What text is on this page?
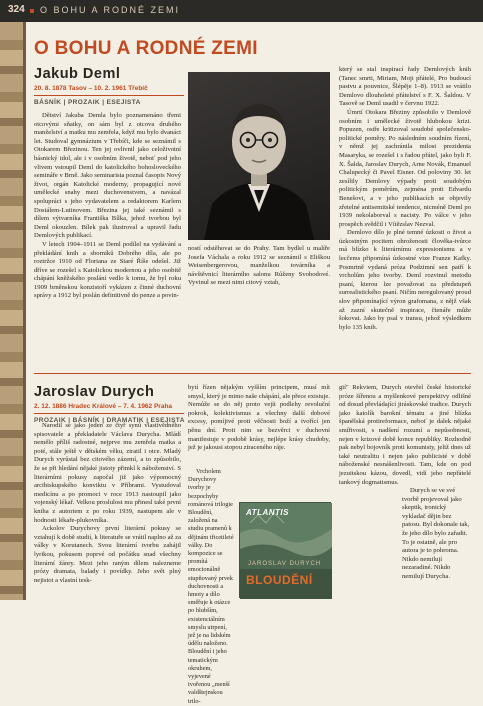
324 O BOHU A RODNÉ ZEMI
O BOHU A RODNÉ ZEMI
Jakub Deml
20. 8. 1878 Tasov – 10. 2. 1961 Třebíč
BÁSNÍK | PROZAIK | ESEJISTA

Dětství Jakuba Demla bylo poznamenáno třemi otcovými sňatky, on sám byl z otcova druhého manželství a matku mu zemřela, když mu bylo dvanáct let. Studoval gymnázium v Třebíči, kde se seznámil s Otokarem Březinou. Ten jej ovlivnil jako celoživotní básnický idol, ale i v osobním životě, neboť pod jeho vlivem vstoupil Deml do katolického bohosloveckého semináře v Brně. Jako seminarista poznal časopis Nový život, orgán Katolické moderny, propagující nové umělecké snahy mezi duchovenstvem, a navázal spolupráci s jeho vydavatelem a redaktorem Karlem Dostálem-Lutinovem. Březina jej také seznámil s dílem výtvarníka Františka Bílka, jehož tvorbou byl Deml okouzlen. Bílek pak ilustroval a upravil řadu Demlových publikací.

V letech 1904–1911 se Deml podílel na vydávání a překládání knih a sborníků Dobrého díla, ale po roztržce 1910 od Floriana ze Staré Říše odešel. Již dříve se rozešel s Katolickou modernou a jeho osobitě chápání kněžského poslání vedlo k tomu, že byl roku 1909 brněnskou konzistoří vykázen z činné duchovní správy a 1912 byl poslán definitivně do penze a povin-

ností odstěhovat se do Prahy. Tam bydlel u malíře Josefa Váchala a roku 1912 se seznámil s Eliškou Weisenbergerovou, manželkou továrníka a návštěvnicí literárního salonu Růženy Svobodové. Vyvinul se mezi nimi citový vztah,

který se stal inspirací řady Demlových knih (Tanec smrti, Miriam, Moji přátelé, Pro budoucí pastvu a pouvnice, Šlépěje 1–8). 1913 se vrátilo Demlovo dlouholeté přátelství s F. X. Šaldou. V Tasově se Deml usadil v červnu 1922.

Úmrtí Otokara Březiny způsobilo v Demlově osobním i umělecké životě hlubokou krizi. Popuzen, ostře kritizoval soudobé společensko-politické poměry. Po následném soudním řízení, v němž jej zachránila milost prezidenta Masaryka, se rozešel i s řadou přátel, jako byli F. X. Šalda, Jaroslav Durych, Arne Novák, Emanuel Chalupecký či Pavel Eisner. Od poloviny 30. let zesílily Demlovy výpady proti soudobým politickým poměrům, zejména proti Edvardu Benešovi, a v jeho publikacích se objevily zřetelné antisemitské tendence, nicméně Deml po 1939 nekolaborval s nacisty. Po válce v jeho prospěch svědčil i Vítězslav Nezval.

Demlovo dílo je plné temné úzkosti o život a úzkostným pocitem ohroženosti člověka-tvůrce má blízko k literárnímu expresionismu a v lecčems připomíná úzkostné vize Franze Kafky. Posmrtně vydaná próza Podzimní sen patří k vrcholům jeho tvorby. Deml rozvinul metodu psaní, kterou lze považovat za předstupeň surrealistického psaní. Ničím neregulovaný proud slov připomínající výron grafomana, z nějž však až zazní skutečně inspirace, čtenáře může šokovat. Jako by psal v transu, jehož výsledkem bylo 135 knih.

Jaroslav Durych
2. 12. 1886 Hradec Králové – 7. 4. 1962 Praha
PROZAIK | BÁSNÍK | DRAMATIK | ESEJISTA

Narodil se jako jeden ze čtyř synů vlastivědného spisovatele a překladatele Václava Durycha. Mládí nemělo příliš radostné, nejprve mu zemřela matka a poté, stále ještě v dětském věku, ztratil i otce. Mladý Durych vyrůstal bez citového zázemí, a to způsobilo, že se při hledání nějaké jistoty přimkl k náboženství. S literárními pokusy započal již jako výpomocný arcibiskupského konviktu v Příbrami. Vystudoval medicínu a po promoci v roce 1913 nastoupil jako vojenský lékař. Velkou proslulost mu přinesl také první kniha z autoriem z po roku 1939, nastupem ale v hodnosti lékaře-plukovníka.

Ackolov Durychovy první literární pokusy se vztahují k době studií, k literatuře se vrátil naplno až za války v Korutanech. Svou literární tvorbu zahájil lyrikou, pokusem poprvé od počátku snad všechny literární žánry. Mezi jeho raným dílem nalezneme prózy dramata, balady i povídky. Jeho svět plný nejistot a vlastní tesk-

bytí řízen nějakým vyšším principem, musí mít smysl, který je mimo naše chápání, ale přece existuje. Nemůže se do něj proto vejít podlehy revoluční pokrok, kolektivismus a všechny další dobové excesy, pomíjivé proti věčnosti boží a tvořící jen pěnu dní. Proti nim se bezvěrci v duchovní manifestuje v podobě krásy, nejlépe krásy chudoby, jež je jakousi stopou ztraceného ráje.

Vrcholem Durychovy tvorby je bezpochyby románová trilogie Bloudění, založená na studiu pramenů k dějinám třicetileté války. Do kompozice se promítá emocionálně stupňovaný prvek duchovnosti a hmoty a dílo směřuje k otázce po hlubším, existenciálním smyslu utrpení, jež je na lidském údělu naloženo. Bloudění i jeho tematickým okruhem, vyjevené tvořenou „menší valdštejnskou trilo-

ATLANTIS
JAROSLAV DURYCH
BLOUDĚNÍ

gií" Rekviem, Durych otevřel české historické próze šířenou a myšlenkové perspektivy odlišné od dosud převládající jiráskovské tradice. Durych jako katolík barokní tématu a jiné blízka španělská protireformace, neboť je dalek nějaké smířivosti, s nadšení rozumí a nepůsobnosti, nejen v krizové době konce republiky. Rozhodně pak nebyl bojovník proti komunisty, jeliž dnes už také neutralitu i nejen jako publicisté v době náboženské nesnášenlivosti. Tam, kde on pod jezuitskou kázou, dovedl, vidí jeho nepřátelé tankový dogmatismus.

Durych se ve své tvorbě projevoval jako skeptik, ironický vykladač dějin bez patosu. Byl dokonale tak, že jeho dílo bylo zařadit. To je ostatně, ale pro autora je to pohroma. Nikdo nemilují nezaradiné. Nikdo nemilují Durycha.
